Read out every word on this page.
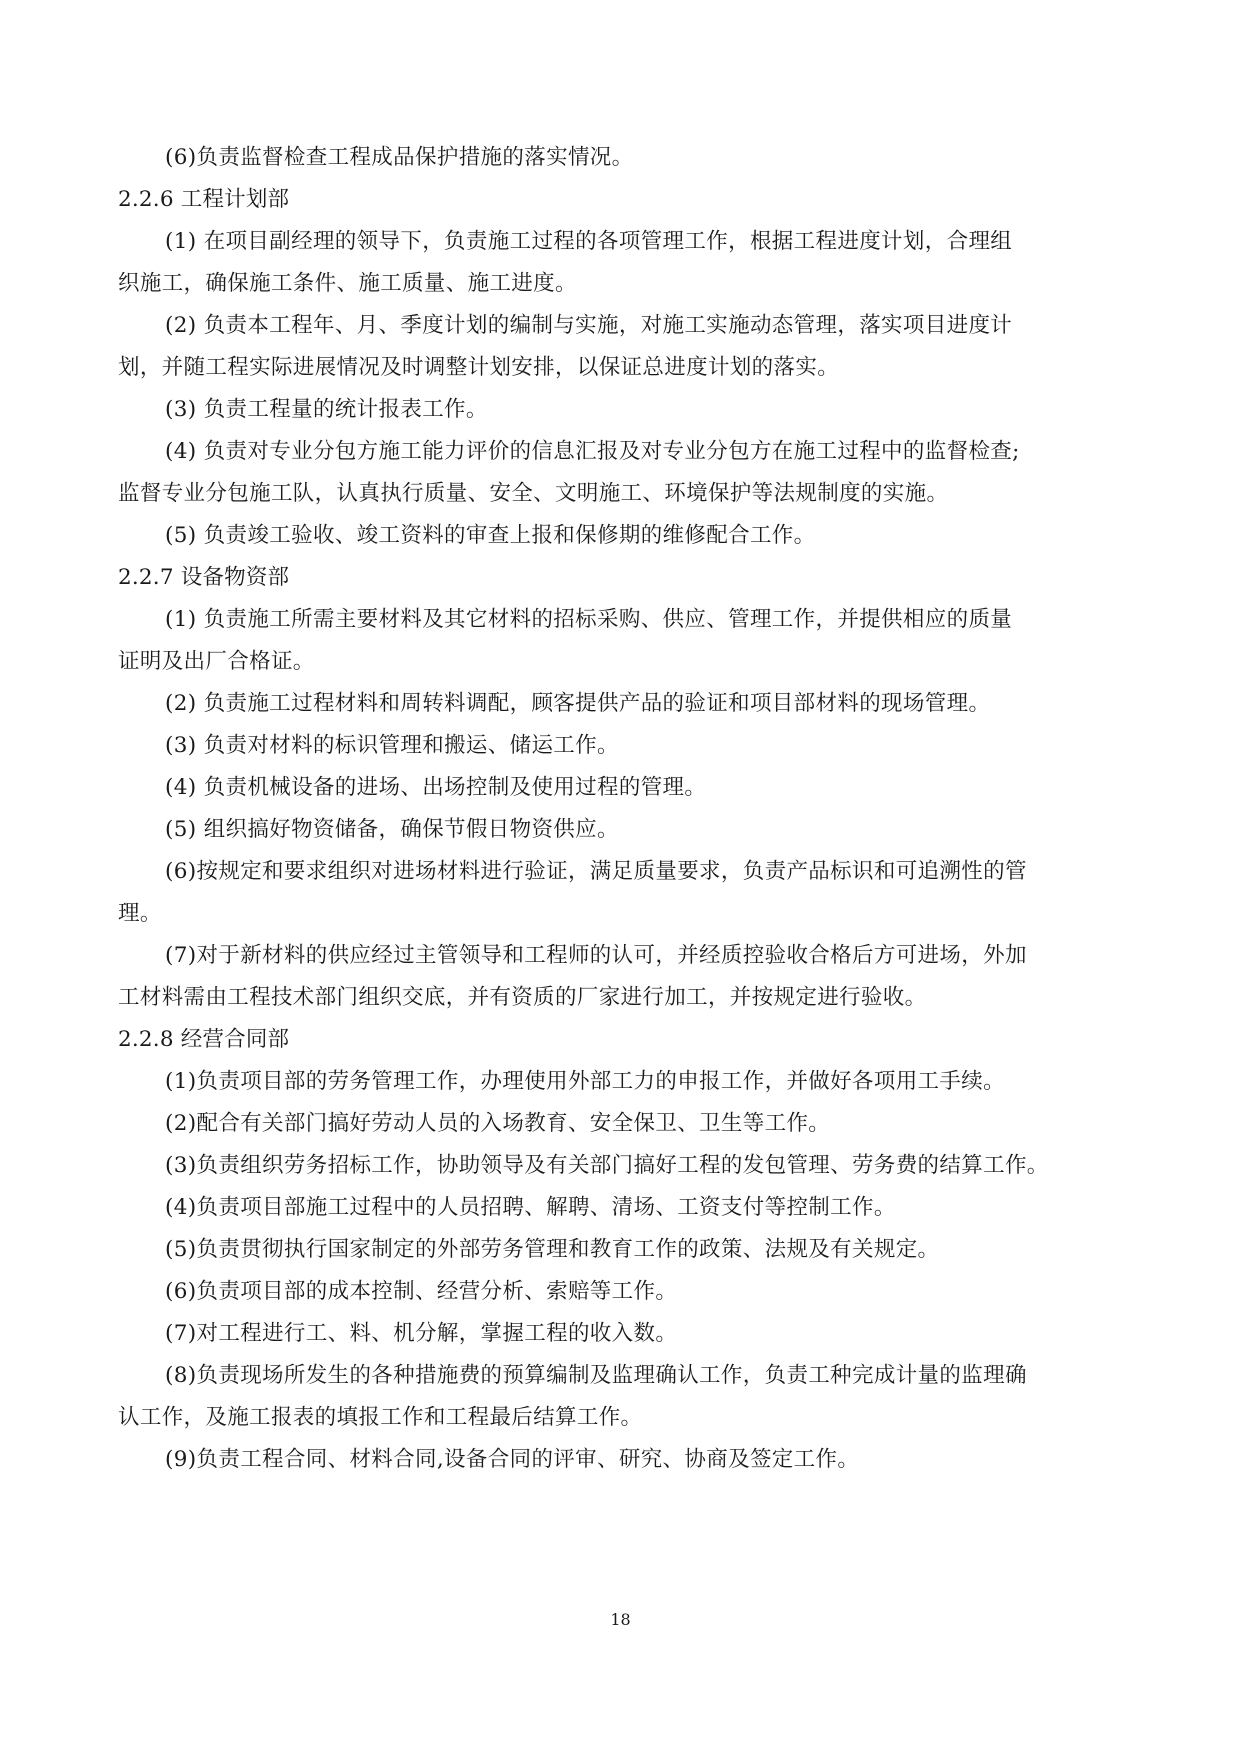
(6)负责监督检查工程成品保护措施的落实情况。
2.2.6 工程计划部
(1) 在项目副经理的领导下，负责施工过程的各项管理工作，根据工程进度计划，合理组
织施工，确保施工条件、施工质量、施工进度。
(2) 负责本工程年、月、季度计划的编制与实施，对施工实施动态管理，落实项目进度计
划，并随工程实际进展情况及时调整计划安排，以保证总进度计划的落实。
(3) 负责工程量的统计报表工作。
(4) 负责对专业分包方施工能力评价的信息汇报及对专业分包方在施工过程中的监督检查;
监督专业分包施工队，认真执行质量、安全、文明施工、环境保护等法规制度的实施。
(5) 负责竣工验收、竣工资料的审查上报和保修期的维修配合工作。
2.2.7 设备物资部
(1) 负责施工所需主要材料及其它材料的招标采购、供应、管理工作，并提供相应的质量
证明及出厂合格证。
(2) 负责施工过程材料和周转料调配，顾客提供产品的验证和项目部材料的现场管理。
(3) 负责对材料的标识管理和搬运、储运工作。
(4) 负责机械设备的进场、出场控制及使用过程的管理。
(5) 组织搞好物资储备，确保节假日物资供应。
(6)按规定和要求组织对进场材料进行验证，满足质量要求，负责产品标识和可追溯性的管
理。
(7)对于新材料的供应经过主管领导和工程师的认可，并经质控验收合格后方可进场，外加
工材料需由工程技术部门组织交底，并有资质的厂家进行加工，并按规定进行验收。
2.2.8 经营合同部
(1)负责项目部的劳务管理工作，办理使用外部工力的申报工作，并做好各项用工手续。
(2)配合有关部门搞好劳动人员的入场教育、安全保卫、卫生等工作。
(3)负责组织劳务招标工作，协助领导及有关部门搞好工程的发包管理、劳务费的结算工作。
(4)负责项目部施工过程中的人员招聘、解聘、清场、工资支付等控制工作。
(5)负责贯彻执行国家制定的外部劳务管理和教育工作的政策、法规及有关规定。
(6)负责项目部的成本控制、经营分析、索赔等工作。
(7)对工程进行工、料、机分解，掌握工程的收入数。
(8)负责现场所发生的各种措施费的预算编制及监理确认工作，负责工种完成计量的监理确
认工作，及施工报表的填报工作和工程最后结算工作。
(9)负责工程合同、材料合同,设备合同的评审、研究、协商及签定工作。
18
